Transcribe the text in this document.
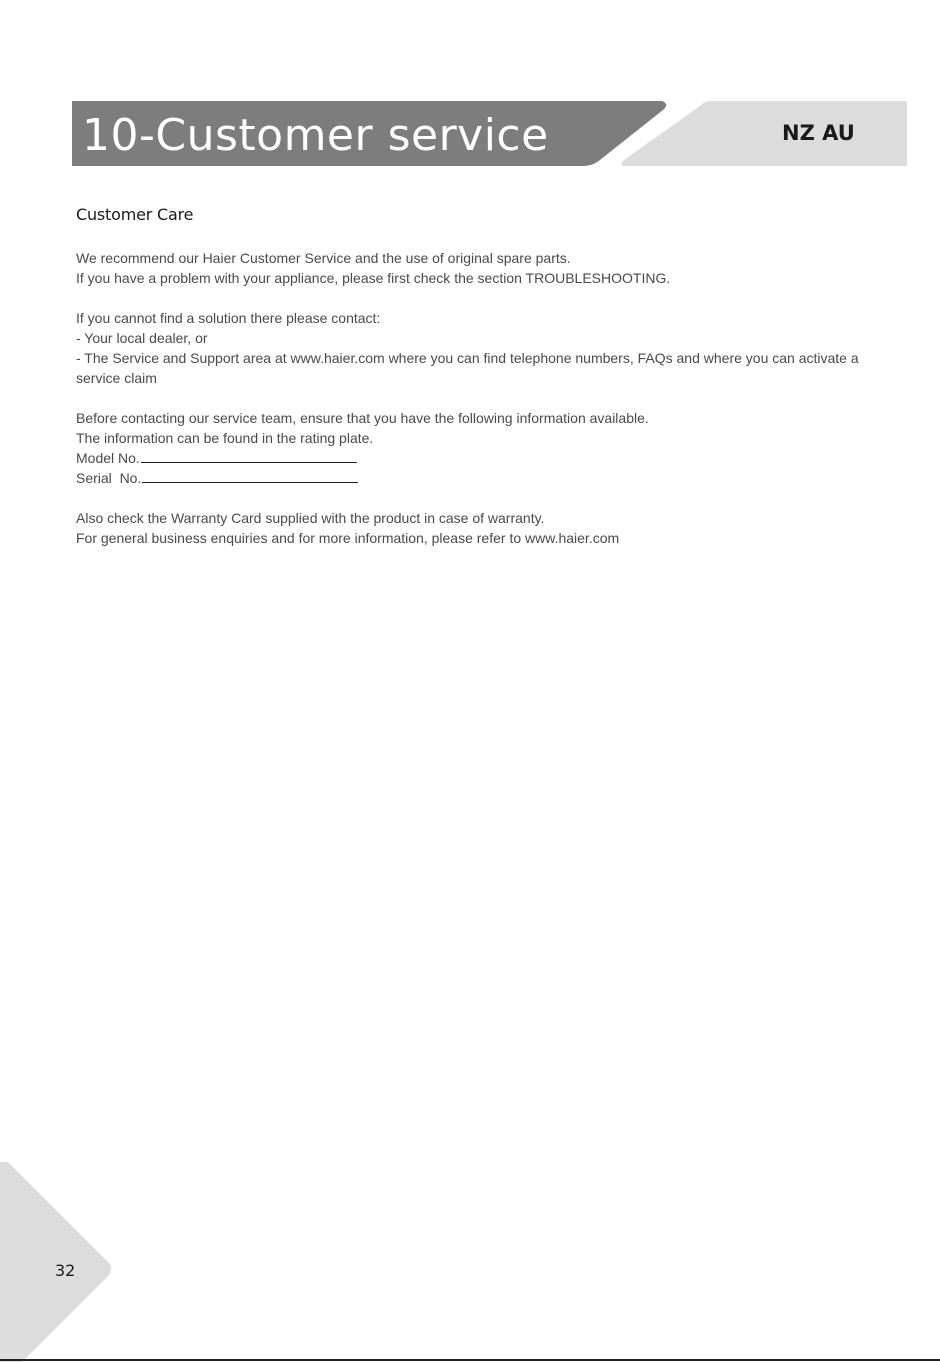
10-Customer service	NZ AU
Customer Care
We recommend our Haier Customer Service and the use of original spare parts.
If you have a problem with your appliance, please first check the section TROUBLESHOOTING.
If you cannot find a solution there please contact:
- Your local dealer, or
- The Service and Support area at www.haier.com where you can find telephone numbers, FAQs and where you can activate a service claim
Before contacting our service team, ensure that you have the following information available.
The information can be found in the rating plate.
Model No.
Serial  No.
Also check the Warranty Card supplied with the product in case of warranty.
For general business enquiries and for more information, please refer to www.haier.com
32
